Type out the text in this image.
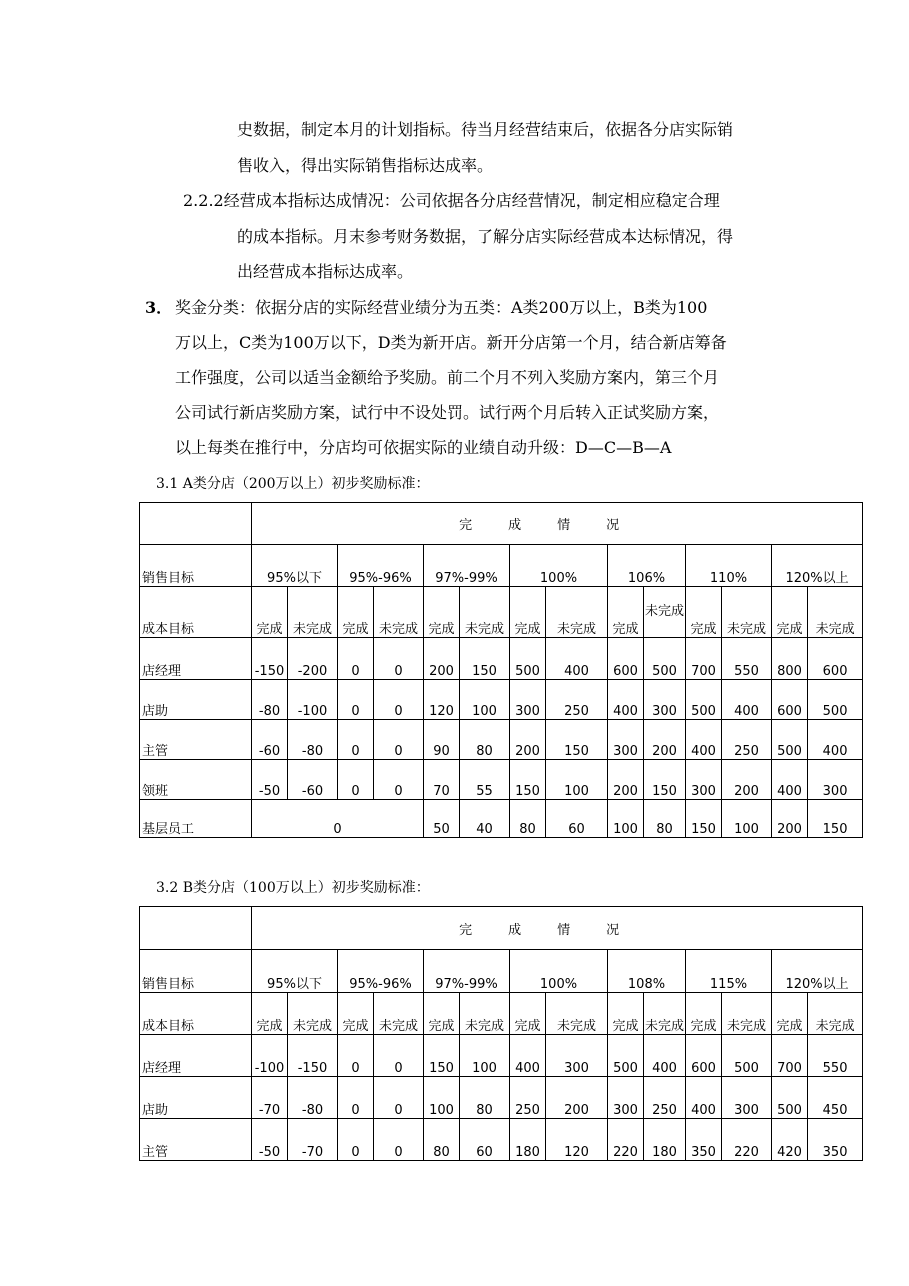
史数据，制定本月的计划指标。待当月经营结束后，依据各分店实际销
售收入，得出实际销售指标达成率。
2.2.2经营成本指标达成情况：公司依据各分店经营情况，制定相应稳定合理
的成本指标。月末参考财务数据，了解分店实际经营成本达标情况，得
出经营成本指标达成率。
3． 奖金分类：依据分店的实际经营业绩分为五类：A类200万以上，B类为100
万以上，C类为100万以下，D类为新开店。新开分店第一个月，结合新店筹备
工作强度，公司以适当金额给予奖励。前二个月不列入奖励方案内，第三个月
公司试行新店奖励方案，试行中不设处罚。试行两个月后转入正试奖励方案，
以上每类在推行中，分店均可依据实际的业绩自动升级：D—C—B—A
3.1 A类分店（200万以上）初步奖励标准：
	完成情况													
销售目标	95%以下		95%-96%		97%-99%		100%		106%		110%		120%以上	
成本目标	完成	未完成	完成	未完成	完成	未完成	完成	未完成	完成	未完成	完成	未完成	完成	未完成
店经理	-150	-200	0	0	200	150	500	400	600	500	700	550	800	600
店助	-80	-100	0	0	120	100	300	250	400	300	500	400	600	500
主管	-60	-80	0	0	90	80	200	150	300	200	400	250	500	400
领班	-50	-60	0	0	70	55	150	100	200	150	300	200	400	300
基层员工	0				50	40	80	60	100	80	150	100	200	150
3.2 B类分店（100万以上）初步奖励标准：
	完成情况													
销售目标	95%以下		95%-96%		97%-99%		100%		108%		115%		120%以上	
成本目标	完成	未完成	完成	未完成	完成	未完成	完成	未完成	完成	未完成	完成	未完成	完成	未完成
店经理	-100	-150	0	0	150	100	400	300	500	400	600	500	700	550
店助	-70	-80	0	0	100	80	250	200	300	250	400	300	500	450
主管	-50	-70	0	0	80	60	180	120	220	180	350	220	420	350
